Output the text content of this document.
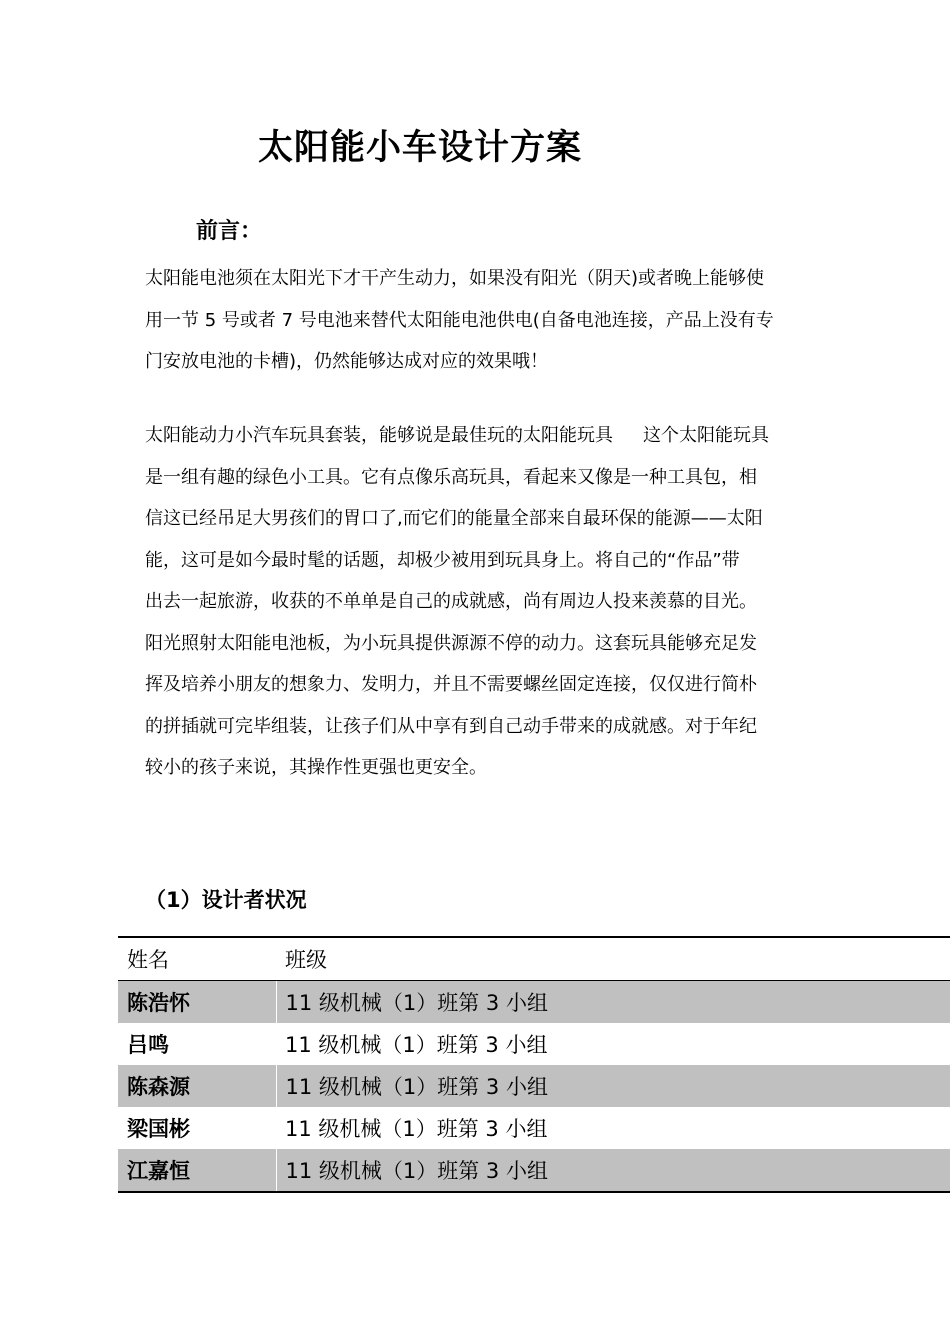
太阳能小车设计方案
前言：
太阳能电池须在太阳光下才干产生动力，如果没有阳光（阴天)或者晚上能够使
用一节 5 号或者 7 号电池来替代太阳能电池供电(自备电池连接，产品上没有专
门安放电池的卡槽)，仍然能够达成对应的效果哦！
太阳能动力小汽车玩具套装，能够说是最佳玩的太阳能玩具 这个太阳能玩具
是一组有趣的绿色小工具。它有点像乐高玩具，看起来又像是一种工具包，相
信这已经吊足大男孩们的胃口了,而它们的能量全部来自最环保的能源——太阳
能，这可是如今最时髦的话题，却极少被用到玩具身上。将自己的“作品”带
出去一起旅游，收获的不单单是自己的成就感，尚有周边人投来羡慕的目光。
阳光照射太阳能电池板，为小玩具提供源源不停的动力。这套玩具能够充足发
挥及培养小朋友的想象力、发明力，并且不需要螺丝固定连接，仅仅进行简朴
的拼插就可完毕组装，让孩子们从中享有到自己动手带来的成就感。对于年纪
较小的孩子来说，其操作性更强也更安全。
（1）设计者状况
姓名	班级
陈浩怀	11 级机械（1）班第 3 小组
吕鸣	11 级机械（1）班第 3 小组
陈森源	11 级机械（1）班第 3 小组
梁国彬	11 级机械（1）班第 3 小组
江嘉恒	11 级机械（1）班第 3 小组
